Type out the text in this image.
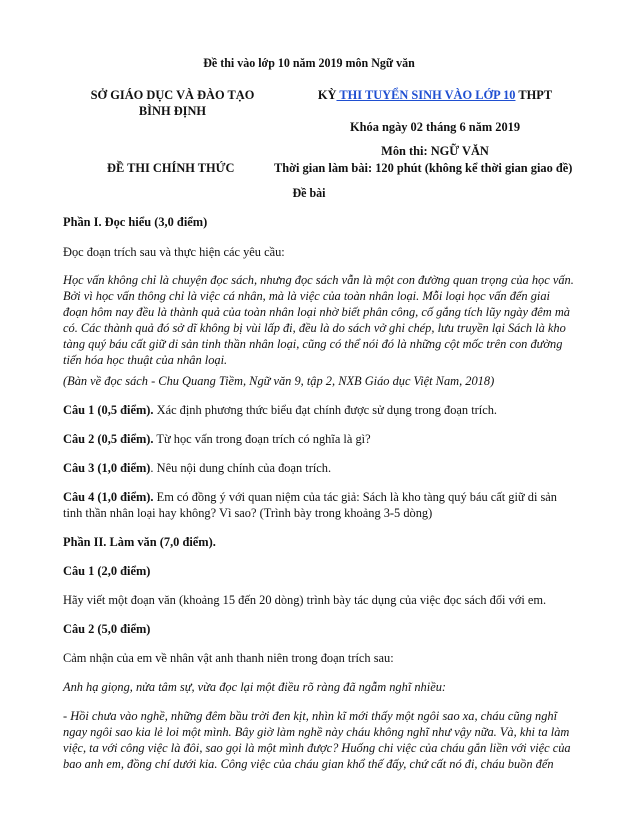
Đề thi vào lớp 10 năm 2019 môn Ngữ văn
SỞ GIÁO DỤC VÀ ĐÀO TẠO
BÌNH ĐỊNH
KỲ THI TUYỂN SINH VÀO LỚP 10 THPT
Khóa ngày 02 tháng 6 năm 2019
Môn thi: NGỮ VĂN
ĐỀ THI CHÍNH THỨC	Thời gian làm bài: 120 phút (không kể thời gian giao đề)
Đề bài
Phần I. Đọc hiểu (3,0 điểm)
Đọc đoạn trích sau và thực hiện các yêu cầu:
Học vấn không chỉ là chuyện đọc sách, nhưng đọc sách vẫn là một con đường quan trọng của học vấn.
Bởi vì học vấn thông chỉ là việc cá nhân, mà là việc của toàn nhân loại. Mỗi loại học vấn đến giai
đoạn hôm nay đều là thành quả của toàn nhân loại nhờ biết phân công, cố gắng tích lũy ngày đêm mà
có. Các thành quả đó sở dĩ không bị vùi lấp đi, đều là do sách vở ghi chép, lưu truyền lại Sách là kho
tàng quý báu cất giữ di sản tinh thần nhân loại, cũng có thể nói đó là những cột mốc trên con đường
tiến hóa học thuật của nhân loại.
(Bàn về đọc sách - Chu Quang Tiềm, Ngữ văn 9, tập 2, NXB Giáo dục Việt Nam, 2018)
Câu 1 (0,5 điểm). Xác định phương thức biểu đạt chính được sử dụng trong đoạn trích.
Câu 2 (0,5 điểm). Từ học vấn trong đoạn trích có nghĩa là gì?
Câu 3 (1,0 điểm). Nêu nội dung chính của đoạn trích.
Câu 4 (1,0 điểm). Em có đồng ý với quan niệm của tác giả: Sách là kho tàng quý báu cất giữ di sản
tinh thần nhân loại hay không? Vì sao? (Trình bày trong khoảng 3-5 dòng)
Phần II. Làm văn (7,0 điểm).
Câu 1 (2,0 điểm)
Hãy viết một đoạn văn (khoảng 15 đến 20 dòng) trình bày tác dụng của việc đọc sách đối với em.
Câu 2 (5,0 điểm)
Cảm nhận của em về nhân vật anh thanh niên trong đoạn trích sau:
Anh hạ giọng, nửa tâm sự, vừa đọc lại một điều rõ ràng đã ngẫm nghĩ nhiều:
- Hồi chưa vào nghề, những đêm bầu trời đen kịt, nhìn kĩ mới thấy một ngôi sao xa, cháu cũng nghĩ
ngay ngôi sao kia lẻ loi một mình. Bây giờ làm nghề này cháu không nghĩ như vậy nữa. Và, khi ta làm
việc, ta với công việc là đôi, sao gọi là một mình được? Huống chi việc của cháu gắn liền với việc của
bao anh em, đồng chí dưới kia. Công việc của cháu gian khổ thế đấy, chứ cất nó đi, cháu buồn đến
